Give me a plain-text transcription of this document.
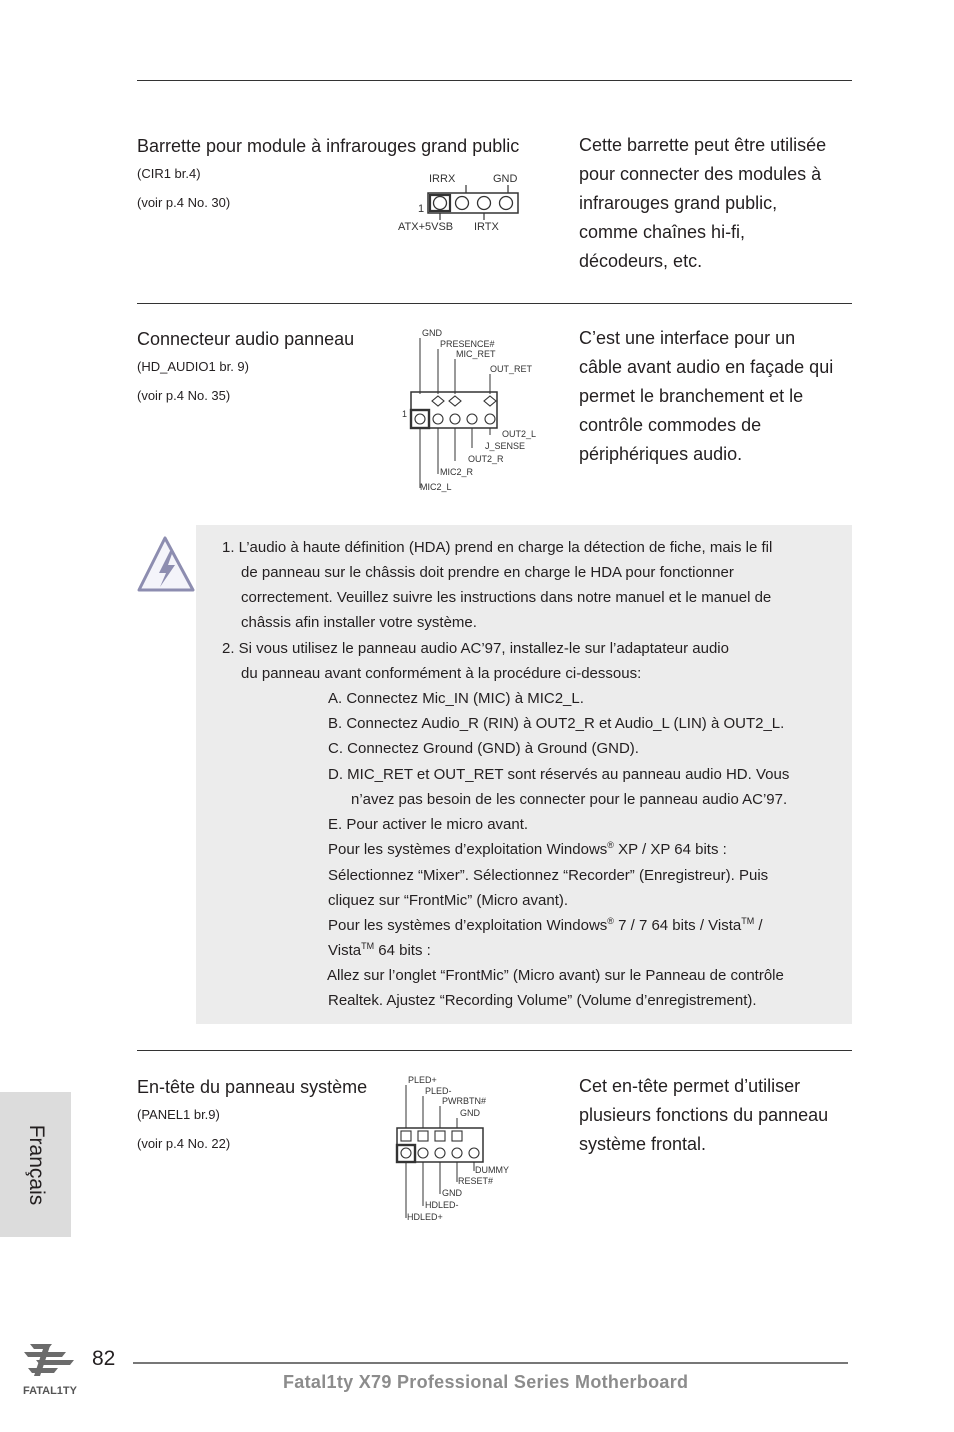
Barrette pour module à infrarouges grand public
(CIR1 br.4)
(voir p.4 No. 30)
Cette barrette peut être utilisée
pour connecter des modules à
infrarouges grand public,
comme chaînes hi-fi,
décodeurs, etc.
IRRX	GND
1
ATX+5VSB IRTX
Connecteur audio panneau
(HD_AUDIO1 br. 9)
(voir p.4 No. 35)
C’est une interface pour un
câble avant audio en façade qui
permet le branchement et le
contrôle commodes de
périphériques audio.
GND
PRESENCE#
MIC_RET
OUT_RET
1
OUT2_L
J_SENSE
OUT2_R
MIC2_R
MIC2_L
1. L’audio à haute définition (HDA) prend en charge la détection de fiche, mais le fil
de panneau sur le châssis doit prendre en charge le HDA pour fonctionner
correctement. Veuillez suivre les instructions dans notre manuel et le manuel de
châssis afin installer votre système.
2. Si vous utilisez le panneau audio AC’97, installez-le sur l’adaptateur audio
du panneau avant conformément à la procédure ci-dessous:
A. Connectez Mic_IN (MIC) à MIC2_L.
B. Connectez Audio_R (RIN) à OUT2_R et Audio_L (LIN) à OUT2_L.
C. Connectez Ground (GND) à Ground (GND).
D. MIC_RET et OUT_RET sont réservés au panneau audio HD. Vous
n’avez pas besoin de les connecter pour le panneau audio AC’97.
E. Pour activer le micro avant.
Pour les systèmes d’exploitation Windows® XP / XP 64 bits :
Sélectionnez “Mixer”. Sélectionnez “Recorder” (Enregistreur). Puis
cliquez sur “FrontMic” (Micro avant).
Pour les systèmes d’exploitation Windows® 7 / 7 64 bits / Vista™ /
Vista™ 64 bits :
Allez sur l’onglet “FrontMic” (Micro avant) sur le Panneau de contrôle
Realtek. Ajustez “Recording Volume” (Volume d’enregistrement).
En-tête du panneau système
(PANEL1 br.9)
(voir p.4 No. 22)
Cet en-tête permet d’utiliser
plusieurs fonctions du panneau
système frontal.
PLED+
PLED-
PWRBTN#
GND
DUMMY
RESET#
GND
HDLED-
HDLED+
Français
FATAL1TY
82
Fatal1ty X79 Professional Series Motherboard
